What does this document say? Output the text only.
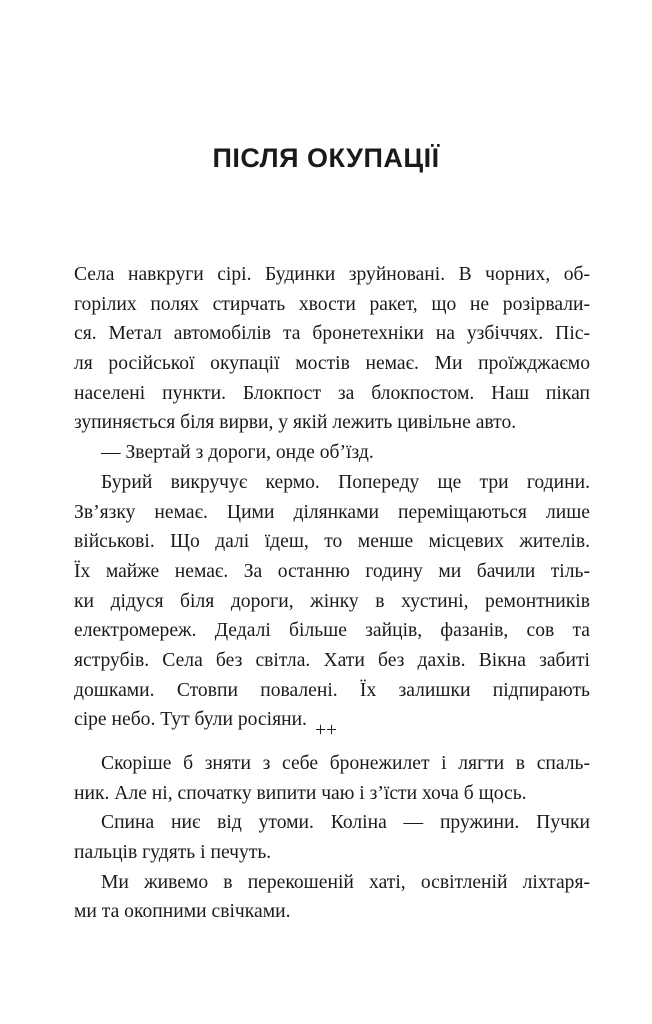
ПІСЛЯ ОКУПАЦІЇ
Села навкруги сірі. Будинки зруйновані. В чорних, об-
горілих полях стирчать хвости ракет, що не розірвали-
ся. Метал автомобілів та бронетехніки на узбіччях. Піс-
ля російської окупації мостів немає. Ми проїжджаємо
населені пункти. Блокпост за блокпостом. Наш пікап
зупиняється біля вирви, у якій лежить цивільне авто.
— Звертай з дороги, онде об’їзд.
Бурий викручує кермо. Попереду ще три години.
Зв’язку немає. Цими ділянками переміщаються лише
військові. Що далі їдеш, то менше місцевих жителів.
Їх майже немає. За останню годину ми бачили тіль-
ки дідуся біля дороги, жінку в хустині, ремонтників
електромереж. Дедалі більше зайців, фазанів, сов та
яструбів. Села без світла. Хати без дахів. Вікна забиті
дошками. Стовпи повалені. Їх залишки підпирають
сіре небо. Тут були росіяни.
++
Скоріше б зняти з себе бронежилет і лягти в спаль-
ник. Але ні, спочатку випити чаю і з’їсти хоча б щось.
Спина ниє від утоми. Коліна — пружини. Пучки
пальців гудять і печуть.
Ми живемо в перекошеній хаті, освітленій ліхтаря-
ми та окопними свічками.
